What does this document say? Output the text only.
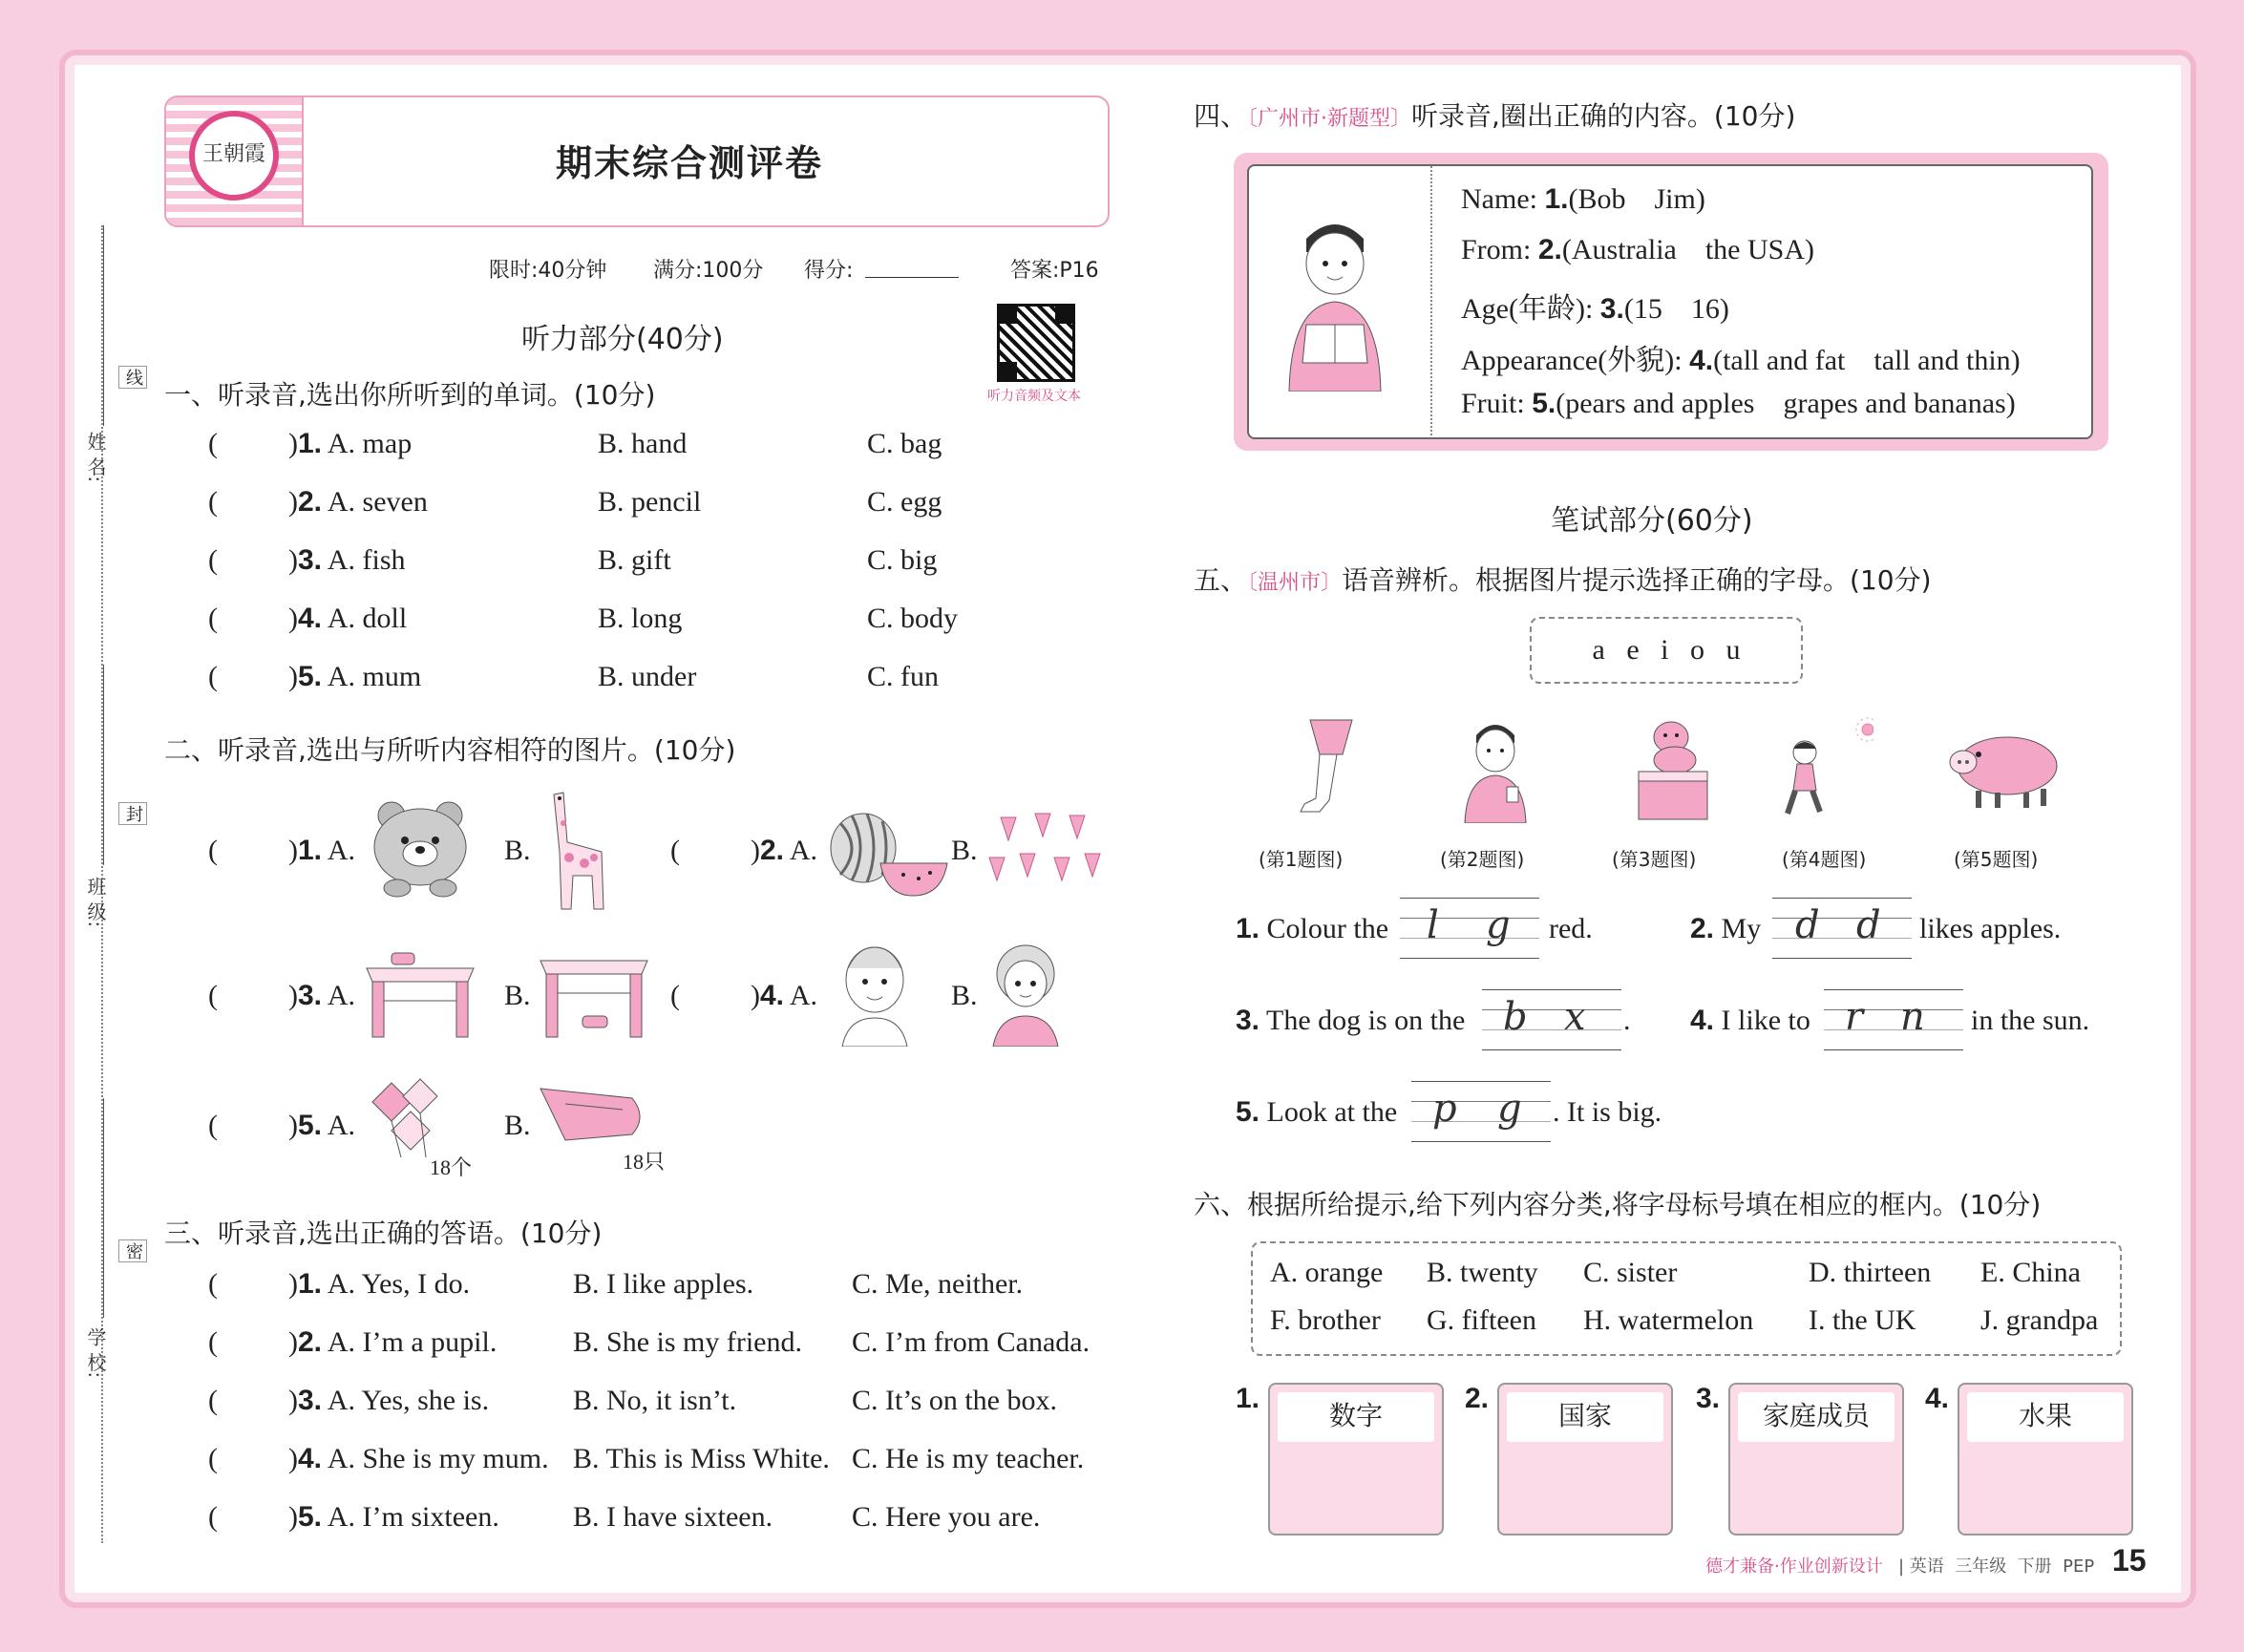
姓 名:
班 级:
学 校:
线
封
密
王朝霞	期末综合测评卷
限时:40分钟 满分:100分 得分:	答案:P16
听力音频及文本
听力部分(40分)
一、听录音,选出你所听到的单词。(10分)
( )1. A. map	B. hand	C. bag
( )2. A. seven	B. pencil	C. egg
( )3. A. fish	B. gift	C. big
( )4. A. doll	B. long	C. body
( )5. A. mum	B. under	C. fun
二、听录音,选出与所听内容相符的图片。(10分)
( )1. A.	B.	( )2. A.	B.
( )3. A.	B.	( )4. A.	B.
( )5. A.
18个
B.
18只
三、听录音,选出正确的答语。(10分)
( )1. A. Yes, I do.	B. I like apples.	C. Me, neither.
( )2. A. I’m a pupil.	B. She is my friend. C. I’m from Canada.
( )3. A. Yes, she is.	B. No, it isn’t.	C. It’s on the box.
( )4. A. She is my mum. B. This is Miss White. C. He is my teacher.
( )5. A. I’m sixteen.	B. I have sixteen.	C. Here you are.
四、〔广州市·新题型〕听录音,圈出正确的内容。(10分)
Name: 1.(Bob    Jim)
From: 2.(Australia    the USA)
Age(年龄): 3.(15    16)
Appearance(外貌): 4.(tall and fat    tall and thin)
Fruit: 5.(pears and apples    grapes and bananas)
笔试部分(60分)
五、〔温州市〕语音辨析。根据图片提示选择正确的字母。(10分)
a   e   i   o   u
(第1题图)	(第2题图)	(第3题图)	(第4题图)	(第5题图)
1. Colour the l g red.	2. My d d likes apples.
3. The dog is on the b x . 4. I like to r n in the sun.
5. Look at the p g . It is big.
六、根据所给提示,给下列内容分类,将字母标号填在相应的框内。(10分)
A. orange B. twenty C. sister	D. thirteen E. China
F. brother G. fifteen H. watermelon I. the UK J. grandpa
1.
数字
2.
国家
3.
家庭成员
4.
水果
德才兼备·作业创新设计 | 英语  三年级  下册  PEP 15
